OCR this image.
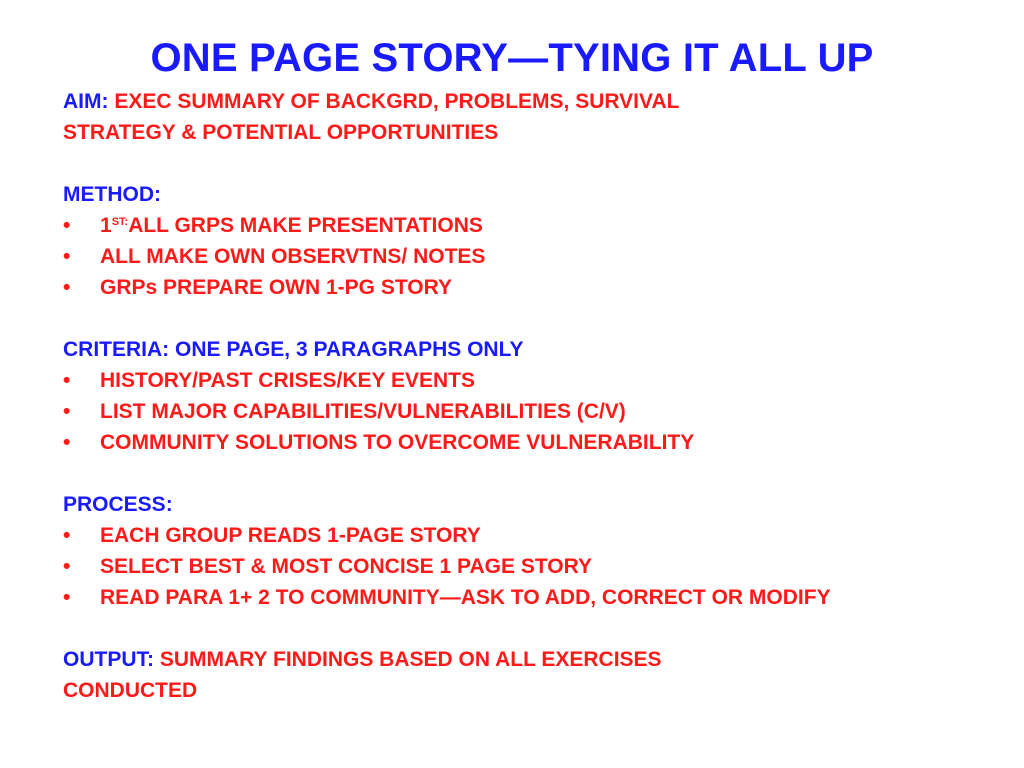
ONE PAGE STORY—TYING IT ALL UP
AIM: EXEC SUMMARY OF BACKGRD, PROBLEMS, SURVIVAL
STRATEGY & POTENTIAL OPPORTUNITIES
METHOD:
• $1^{ST:}ALL$ GRPS MAKE PRESENTATIONS
• ALL MAKE OWN OBSERVTNS/ NOTES
• GRPs PREPARE OWN 1-PG STORY
CRITERIA: ONE PAGE, 3 PARAGRAPHS ONLY
• HISTORY/PAST CRISES/KEY EVENTS
• LIST MAJOR CAPABILITIES/VULNERABILITIES (C/V)
• COMMUNITY SOLUTIONS TO OVERCOME VULNERABILITY
PROCESS:
• EACH GROUP READS 1-PAGE STORY
• SELECT BEST & MOST CONCISE 1 PAGE STORY
• READ PARA 1+ 2 TO COMMUNITY—ASK TO ADD, CORRECT OR MODIFY
OUTPUT: SUMMARY FINDINGS BASED ON ALL EXERCISES
CONDUCTED
